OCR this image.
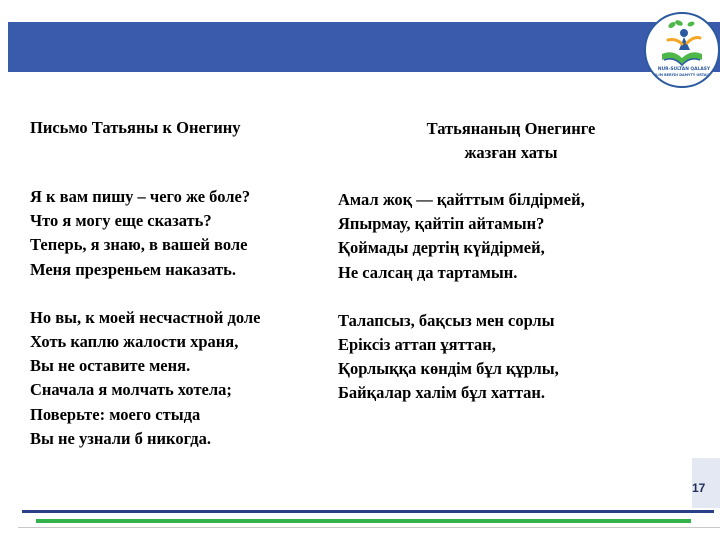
NUR-SULTAN QALASY
BILIM BERÝDI DAMYTÝ ORTALYGY

Письмо Татьяны к Онегину

Я к вам пишу – чего же боле?
Что я могу еще сказать?
Теперь, я знаю, в вашей воле
Меня презреньем наказать.
Но вы, к моей несчастной доле
Хоть каплю жалости храня,
Вы не оставите меня.
Сначала я молчать хотела;
Поверьте: моего стыда
Вы не узнали б никогда.

Татьянаның Онегинге

жазған хаты

Амал жоқ — қайттым білдірмей,
Япырмау, қайтіп айтамын?
Қоймады дертің күйдірмей,
Не салсаң да тартамын.
Талапсыз, бақсыз мен сорлы
Еріксіз аттап ұяттан,
Қорлыққа көндім бұл құрлы,
Байқалар халім бұл хаттан.
17
